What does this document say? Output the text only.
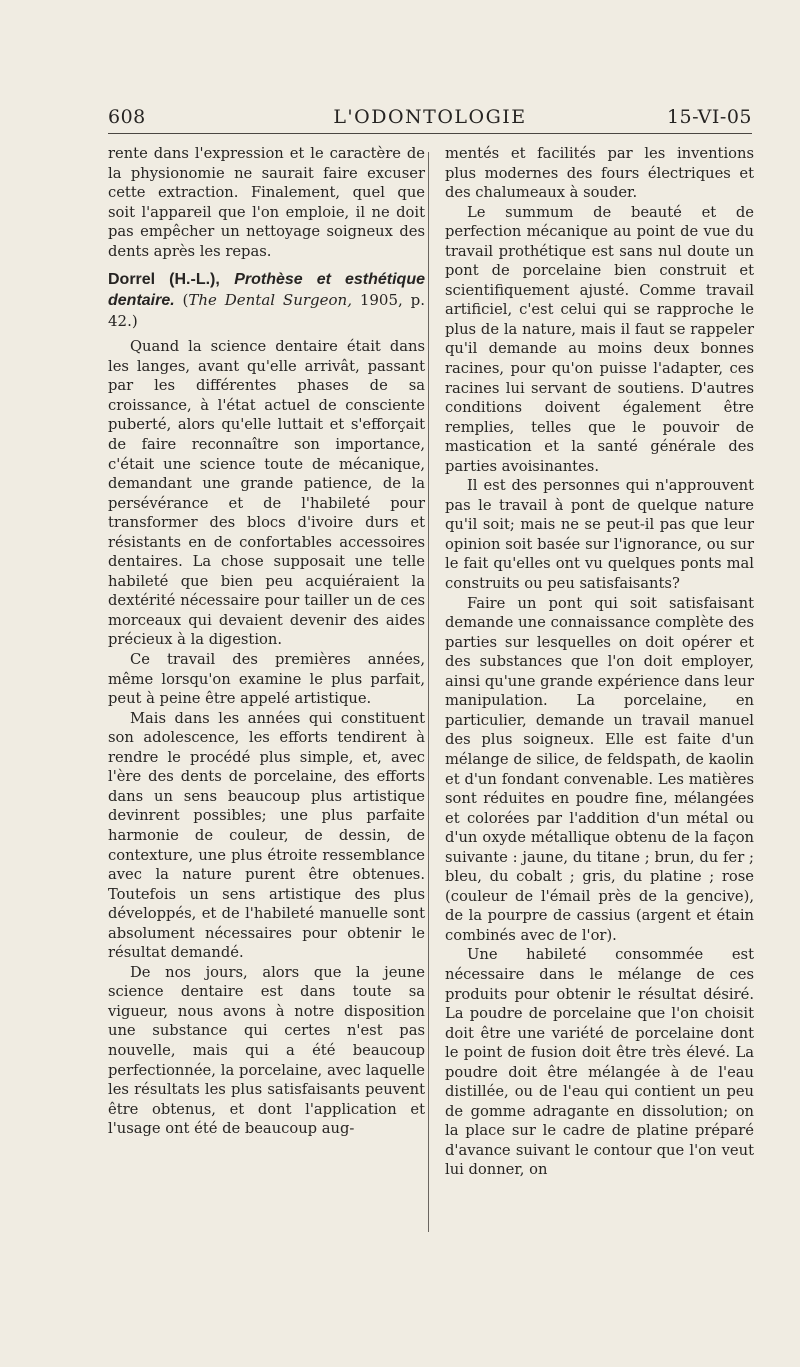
608	L'ODONTOLOGIE	15-VI-05

rente dans l'expression et le caractère de la physionomie ne saurait faire excuser cette extraction. Finalement, quel que soit l'appareil que l'on emploie, il ne doit pas empêcher un nettoyage soigneux des dents après les repas.

Dorrel (H.-L.), Prothèse et esthétique dentaire. (The Dental Surgeon, 1905, p. 42.)

Quand la science dentaire était dans les langes, avant qu'elle arrivât, passant par les différentes phases de sa croissance, à l'état actuel de consciente puberté, alors qu'elle luttait et s'efforçait de faire reconnaître son importance, c'était une science toute de mécanique, demandant une grande patience, de la persévérance et de l'habileté pour transformer des blocs d'ivoire durs et résistants en de confortables accessoires dentaires. La chose supposait une telle habileté que bien peu acquiéraient la dextérité nécessaire pour tailler un de ces morceaux qui devaient devenir des aides précieux à la digestion.

Ce travail des premières années, même lorsqu'on examine le plus parfait, peut à peine être appelé artistique.

Mais dans les années qui constituent son adolescence, les efforts tendirent à rendre le procédé plus simple, et, avec l'ère des dents de porcelaine, des efforts dans un sens beaucoup plus artistique devinrent possibles; une plus parfaite harmonie de couleur, de dessin, de contexture, une plus étroite ressemblance avec la nature purent être obtenues. Toutefois un sens artistique des plus développés, et de l'habileté manuelle sont absolument nécessaires pour obtenir le résultat demandé.

De nos jours, alors que la jeune science dentaire est dans toute sa vigueur, nous avons à notre disposition une substance qui certes n'est pas nouvelle, mais qui a été beaucoup perfectionnée, la porcelaine, avec laquelle les résultats les plus satisfaisants peuvent être obtenus, et dont l'application et l'usage ont été de beaucoup aug-

mentés et facilités par les inventions plus modernes des fours électriques et des chalumeaux à souder.

Le summum de beauté et de perfection mécanique au point de vue du travail prothétique est sans nul doute un pont de porcelaine bien construit et scientifiquement ajusté. Comme travail artificiel, c'est celui qui se rapproche le plus de la nature, mais il faut se rappeler qu'il demande au moins deux bonnes racines, pour qu'on puisse l'adapter, ces racines lui servant de soutiens. D'autres conditions doivent également être remplies, telles que le pouvoir de mastication et la santé générale des parties avoisinantes.

Il est des personnes qui n'approuvent pas le travail à pont de quelque nature qu'il soit; mais ne se peut-il pas que leur opinion soit basée sur l'ignorance, ou sur le fait qu'elles ont vu quelques ponts mal construits ou peu satisfaisants?

Faire un pont qui soit satisfaisant demande une connaissance complète des parties sur lesquelles on doit opérer et des substances que l'on doit employer, ainsi qu'une grande expérience dans leur manipulation. La porcelaine, en particulier, demande un travail manuel des plus soigneux. Elle est faite d'un mélange de silice, de feldspath, de kaolin et d'un fondant convenable. Les matières sont réduites en poudre fine, mélangées et colorées par l'addition d'un métal ou d'un oxyde métallique obtenu de la façon suivante : jaune, du titane ; brun, du fer ; bleu, du cobalt ; gris, du platine ; rose (couleur de l'émail près de la gencive), de la pourpre de cassius (argent et étain combinés avec de l'or).

Une habileté consommée est nécessaire dans le mélange de ces produits pour obtenir le résultat désiré. La poudre de porcelaine que l'on choisit doit être une variété de porcelaine dont le point de fusion doit être très élevé. La poudre doit être mélangée à de l'eau distillée, ou de l'eau qui contient un peu de gomme adragante en dissolution; on la place sur le cadre de platine préparé d'avance suivant le contour que l'on veut lui donner, on
